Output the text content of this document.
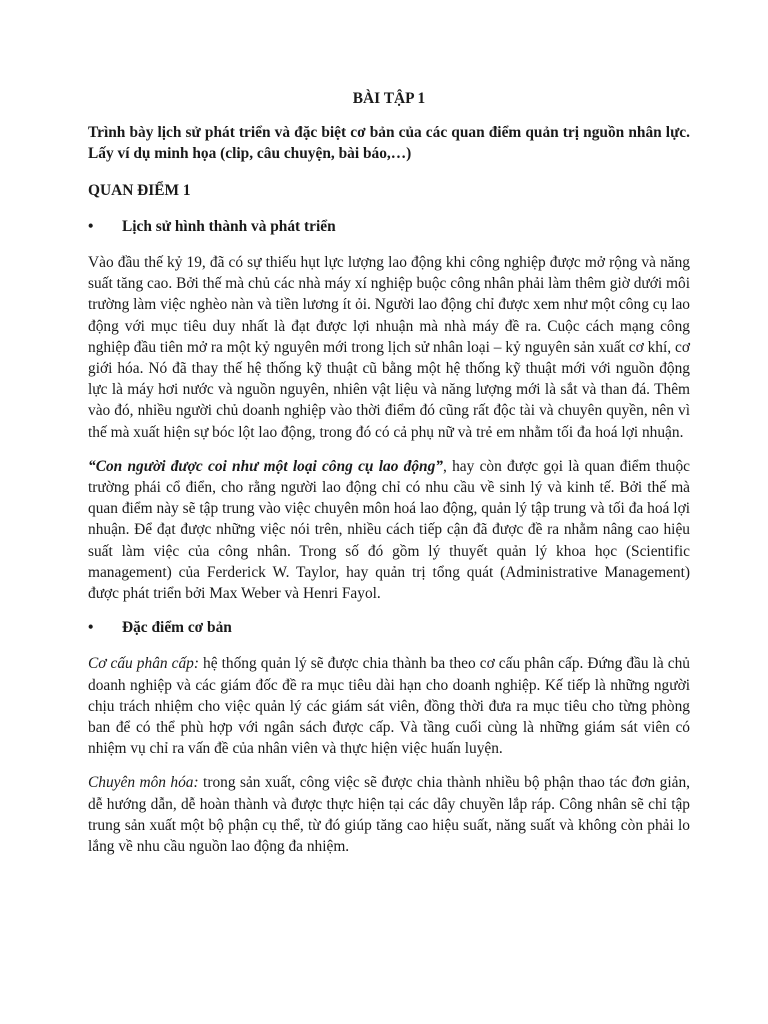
BÀI TẬP 1
Trình bày lịch sử phát triển và đặc biệt cơ bản của các quan điểm quản trị nguồn nhân lực. Lấy ví dụ minh họa (clip, câu chuyện, bài báo,…)
QUAN ĐIỂM 1
•	Lịch sử hình thành và phát triển

Vào đầu thế kỷ 19, đã có sự thiếu hụt lực lượng lao động khi công nghiệp được mở rộng và năng suất tăng cao. Bởi thế mà chủ các nhà máy xí nghiệp buộc công nhân phải làm thêm giờ dưới môi trường làm việc nghèo nàn và tiền lương ít ỏi. Người lao động chỉ được xem như một công cụ lao động với mục tiêu duy nhất là đạt được lợi nhuận mà nhà máy đề ra. Cuộc cách mạng công nghiệp đầu tiên mở ra một kỷ nguyên mới trong lịch sử nhân loại – kỷ nguyên sản xuất cơ khí, cơ giới hóa. Nó đã thay thế hệ thống kỹ thuật cũ bằng một hệ thống kỹ thuật mới với nguồn động lực là máy hơi nước và nguồn nguyên, nhiên vật liệu và năng lượng mới là sắt và than đá. Thêm vào đó, nhiều người chủ doanh nghiệp vào thời điểm đó cũng rất độc tài và chuyên quyền, nên vì thế mà xuất hiện sự bóc lột lao động, trong đó có cả phụ nữ và trẻ em nhằm tối đa hoá lợi nhuận.

“Con người được coi như một loại công cụ lao động”, hay còn được gọi là quan điểm thuộc trường phái cổ điển, cho rằng người lao động chỉ có nhu cầu về sinh lý và kinh tế. Bởi thế mà quan điểm này sẽ tập trung vào việc chuyên môn hoá lao động, quản lý tập trung và tối đa hoá lợi nhuận. Để đạt được những việc nói trên, nhiều cách tiếp cận đã được đề ra nhằm nâng cao hiệu suất làm việc của công nhân. Trong số đó gồm lý thuyết quản lý khoa học (Scientific management) của Ferderick W. Taylor, hay quản trị tổng quát (Administrative Management) được phát triển bởi Max Weber và Henri Fayol.

•	Đặc điểm cơ bản

Cơ cấu phân cấp: hệ thống quản lý sẽ được chia thành ba theo cơ cấu phân cấp. Đứng đầu là chủ doanh nghiệp và các giám đốc đề ra mục tiêu dài hạn cho doanh nghiệp. Kế tiếp là những người chịu trách nhiệm cho việc quản lý các giám sát viên, đồng thời đưa ra mục tiêu cho từng phòng ban để có thể phù hợp với ngân sách được cấp. Và tầng cuối cùng là những giám sát viên có nhiệm vụ chỉ ra vấn đề của nhân viên và thực hiện việc huấn luyện.

Chuyên môn hóa: trong sản xuất, công việc sẽ được chia thành nhiều bộ phận thao tác đơn giản, dễ hướng dẫn, dễ hoàn thành và được thực hiện tại các dây chuyền lắp ráp. Công nhân sẽ chỉ tập trung sản xuất một bộ phận cụ thể, từ đó giúp tăng cao hiệu suất, năng suất và không còn phải lo lắng về nhu cầu nguồn lao động đa nhiệm.
